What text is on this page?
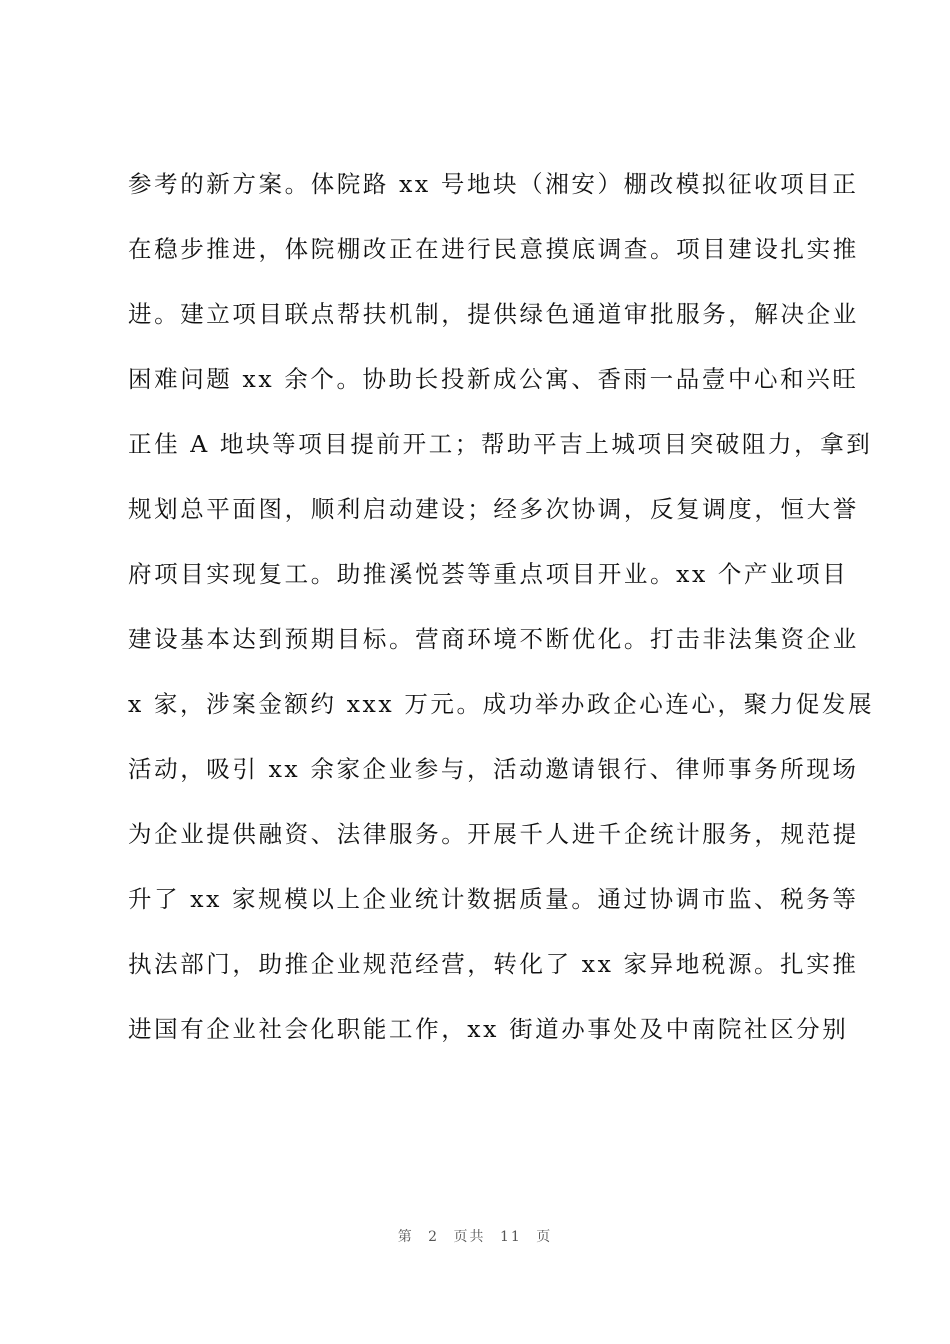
参考的新方案。体院路 xx 号地块（湘安）棚改模拟征收项目正
在稳步推进，体院棚改正在进行民意摸底调查。项目建设扎实推
进。建立项目联点帮扶机制，提供绿色通道审批服务，解决企业
困难问题 xx 余个。协助长投新成公寓、香雨一品壹中心和兴旺
正佳 A 地块等项目提前开工；帮助平吉上城项目突破阻力，拿到
规划总平面图，顺利启动建设；经多次协调，反复调度，恒大誉
府项目实现复工。助推溪悦荟等重点项目开业。xx 个产业项目
建设基本达到预期目标。营商环境不断优化。打击非法集资企业
x 家，涉案金额约 xxx 万元。成功举办政企心连心，聚力促发展
活动，吸引 xx 余家企业参与，活动邀请银行、律师事务所现场
为企业提供融资、法律服务。开展千人进千企统计服务，规范提
升了 xx 家规模以上企业统计数据质量。通过协调市监、税务等
执法部门，助推企业规范经营，转化了 xx 家异地税源。扎实推
进国有企业社会化职能工作，xx 街道办事处及中南院社区分别
第 2 页共 11 页
